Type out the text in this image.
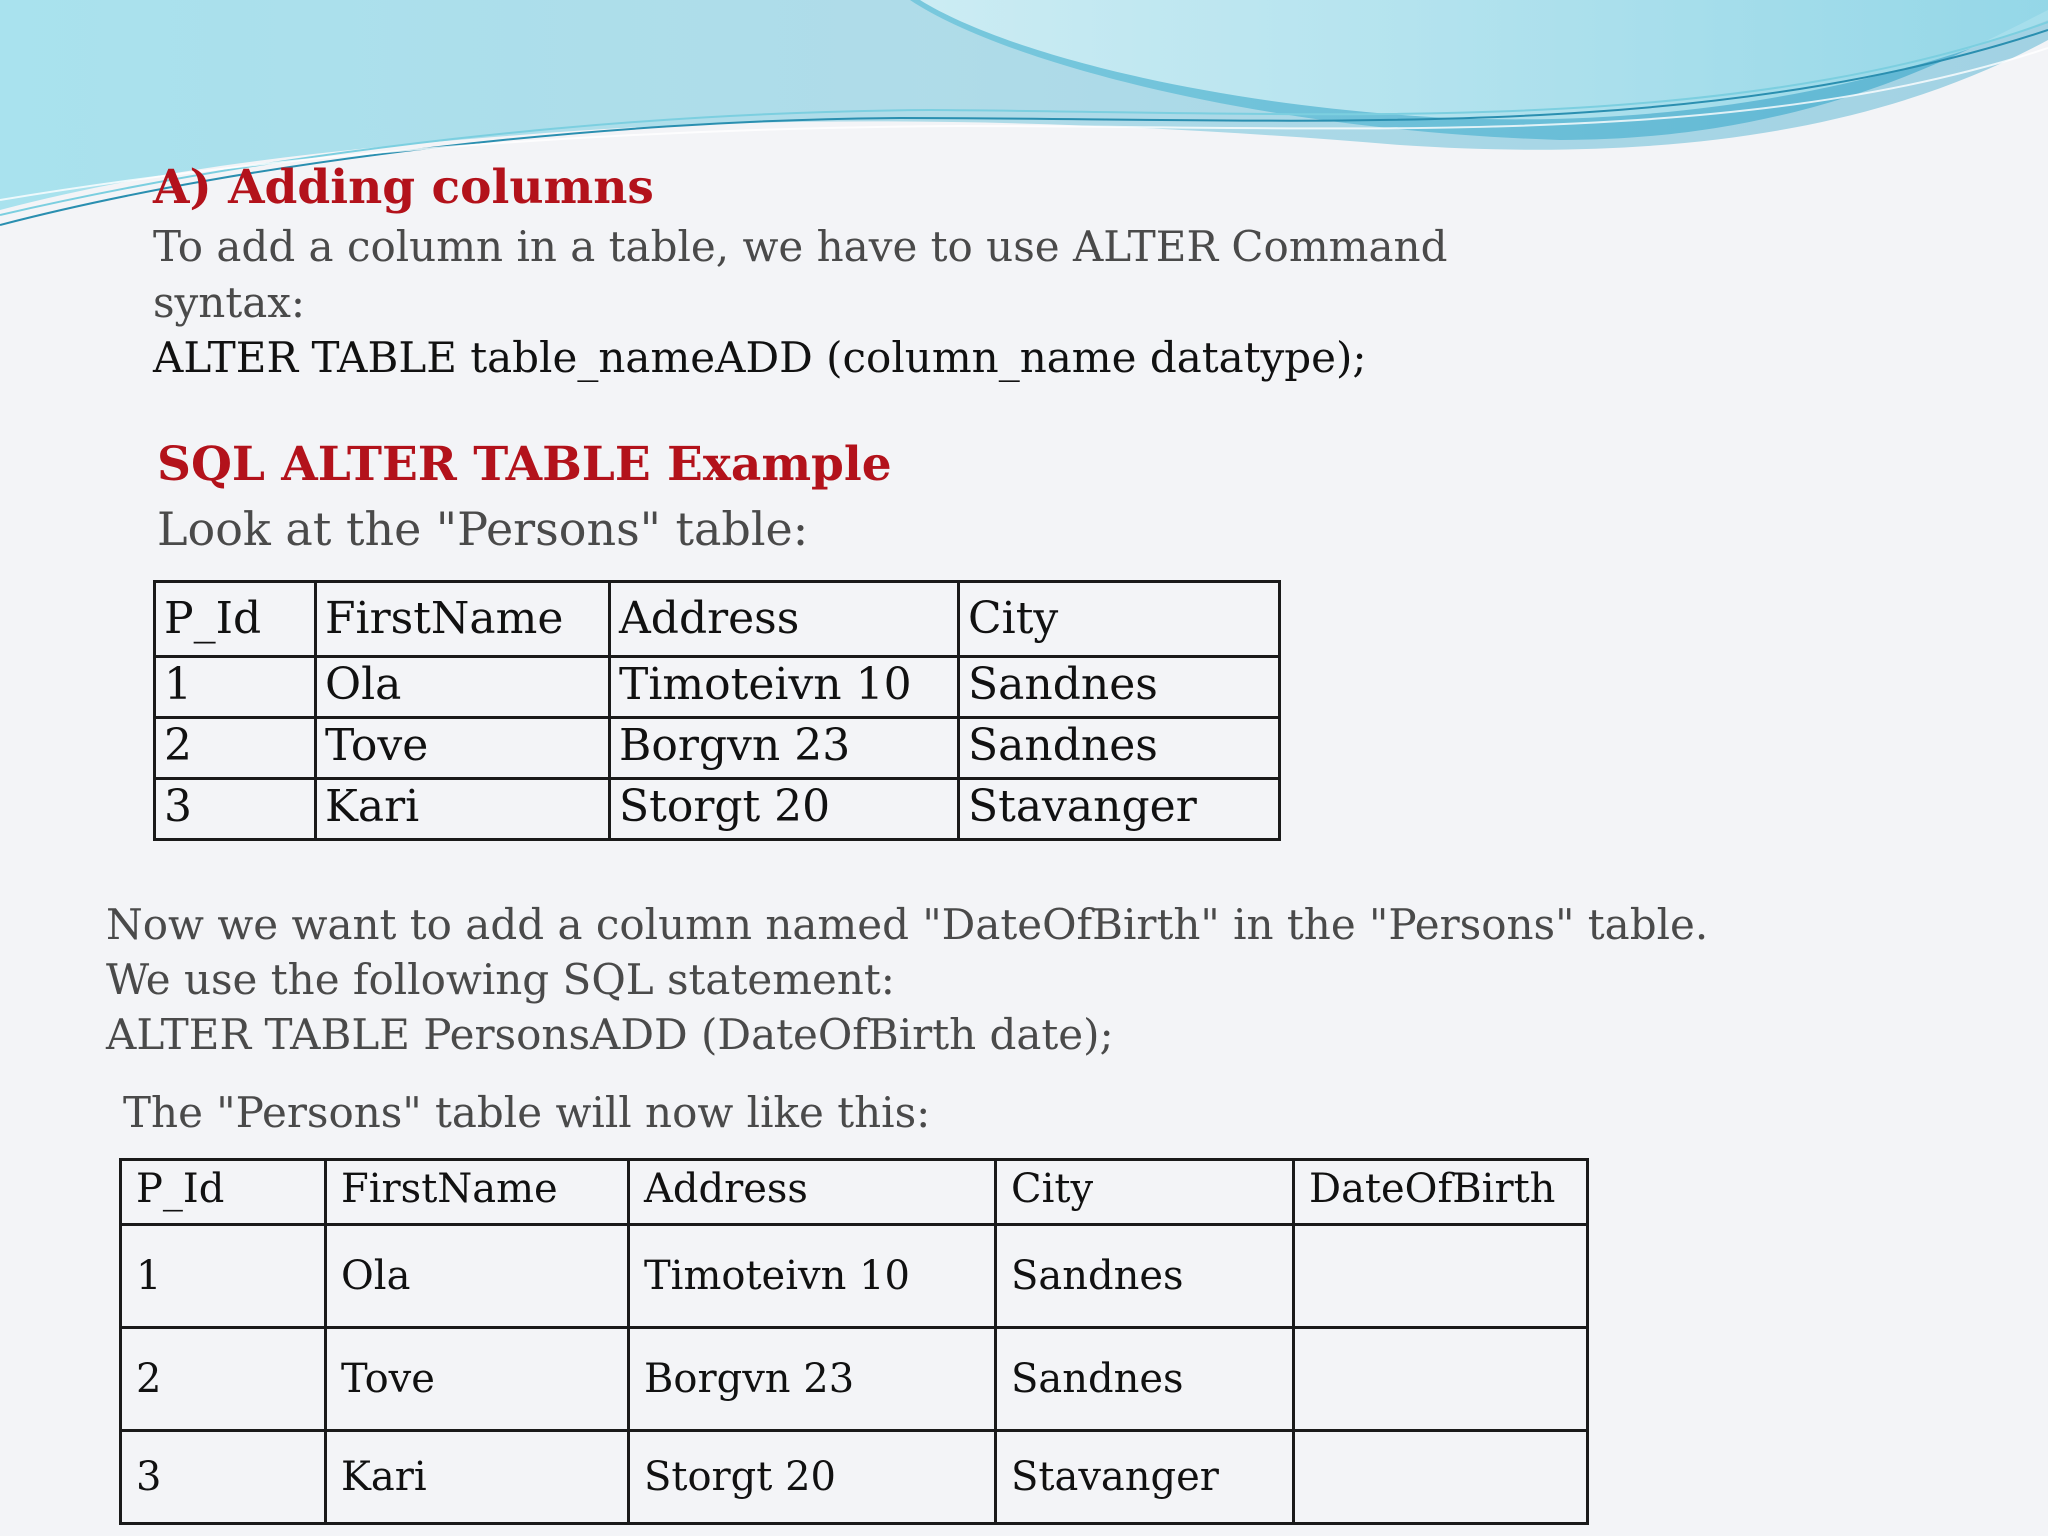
A) Adding columns
To add a column in a table, we have to use ALTER Command
syntax:
ALTER TABLE table_nameADD (column_name datatype);
SQL ALTER TABLE Example
Look at the "Persons" table:
P_Id	FirstName	Address	City
1	Ola	Timoteivn 10	Sandnes
2	Tove	Borgvn 23	Sandnes
3	Kari	Storgt 20	Stavanger
Now we want to add a column named "DateOfBirth" in the "Persons" table.
We use the following SQL statement:
ALTER TABLE PersonsADD (DateOfBirth date);
The "Persons" table will now like this:
P_Id	FirstName	Address	City	DateOfBirth
1	Ola	Timoteivn 10	Sandnes	
2	Tove	Borgvn 23	Sandnes	
3	Kari	Storgt 20	Stavanger	
